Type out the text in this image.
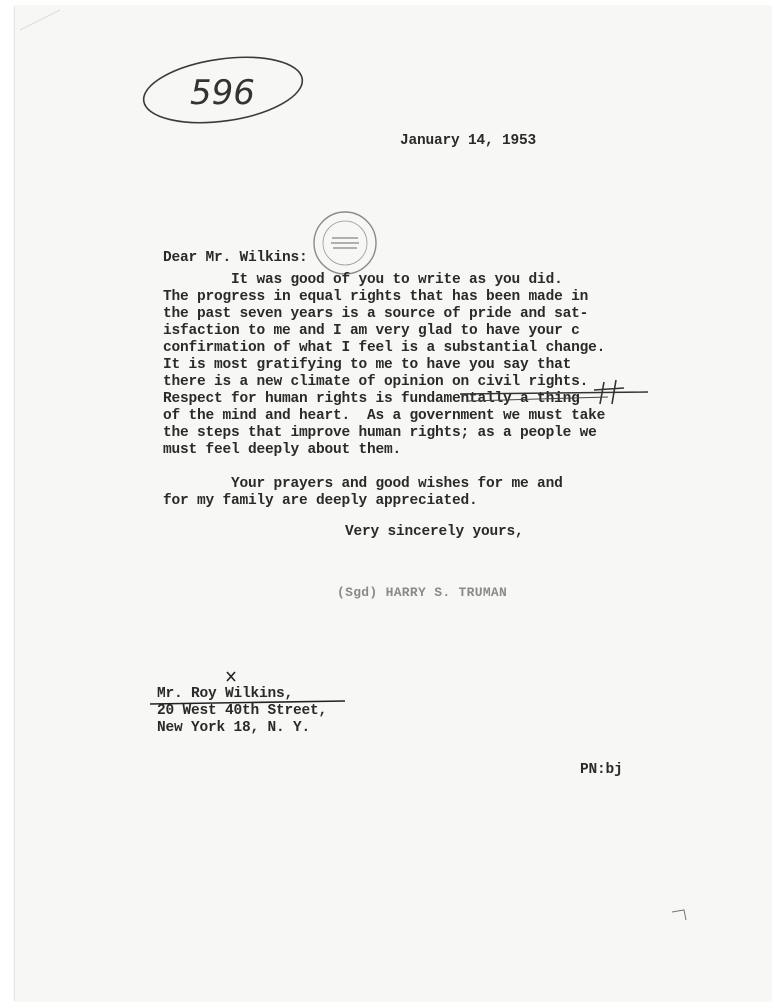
596
January 14, 1953
Dear Mr. Wilkins:

It was good of you to write as you did.

The progress in equal rights that has been made in

the past seven years is a source of pride and sat-

isfaction to me and I am very glad to have your c

confirmation of what I feel is a substantial change.

It is most gratifying to me to have you say that

there is a new climate of opinion on civil rights.

Respect for human rights is fundamentally a thing

of the mind and heart.  As a government we must take

the steps that improve human rights; as a people we

must feel deeply about them.

Your prayers and good wishes for me and

for my family are deeply appreciated.

Very sincerely yours,
(Sgd) HARRY S. TRUMAN
Mr. Roy Wilkins,
20 West 40th Street,
New York 18, N. Y.
PN:bj
